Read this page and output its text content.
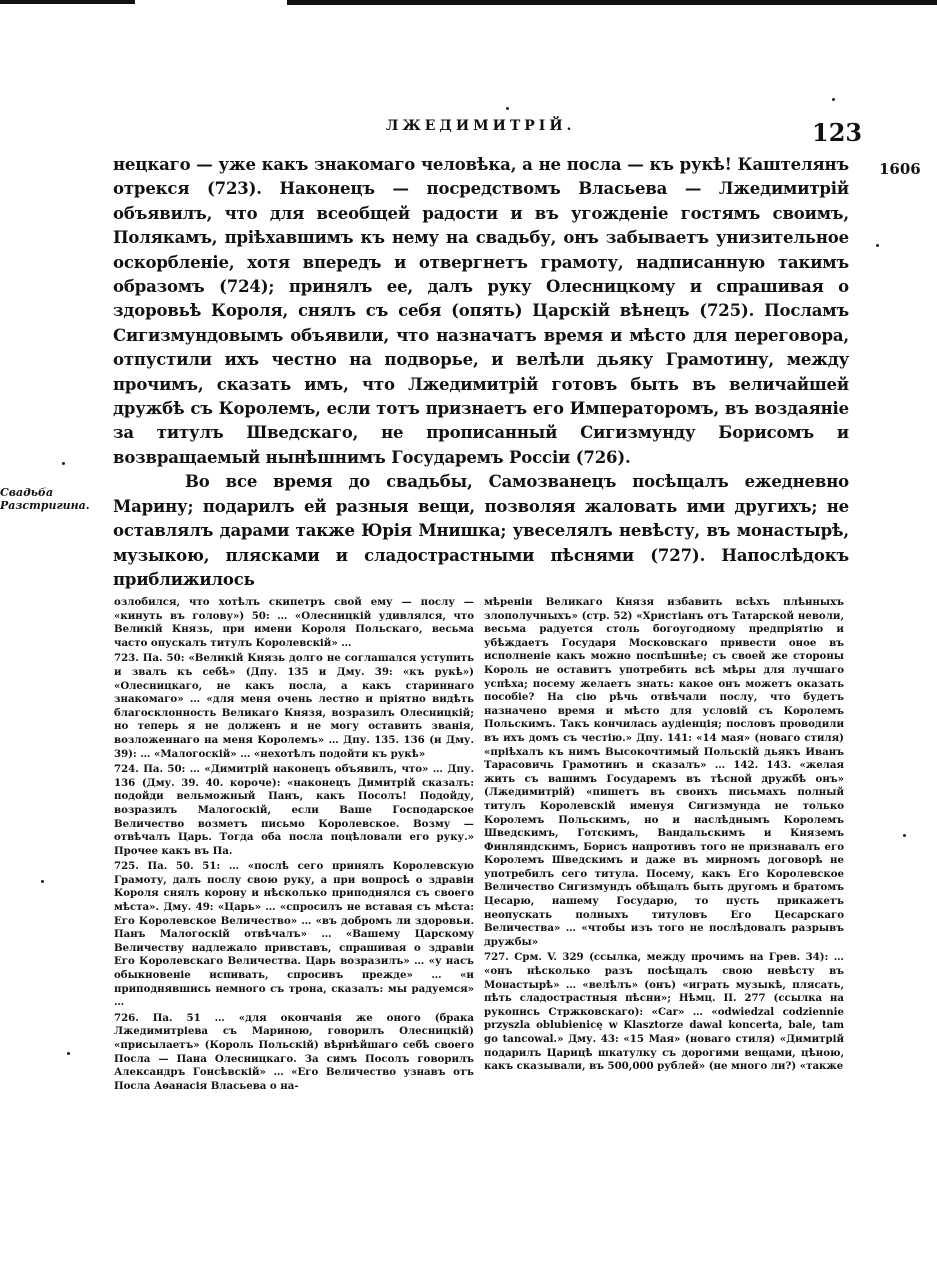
ЛЖЕДИМИТРІЙ.	123
1606
Свадьба Разстригина.

нецкаго — уже какъ знакомаго человѣка, а не посла — къ рукѣ! Каштелянъ отрекся (723). Наконецъ — посредствомъ Власьева — Лжедимитрій объявилъ, что для всеобщей радости и въ угожденіе гостямъ своимъ, Полякамъ, пріѣхавшимъ къ нему на свадьбу, онъ забываетъ унизительное оскорбленіе, хотя впередъ и отвергнетъ грамоту, надписанную такимъ образомъ (724); принялъ ее, далъ руку Олесницкому и спрашивая о здоровьѣ Короля, снялъ съ себя (опять) Царскій вѣнецъ (725). Посламъ Сигизмундовымъ объявили, что назначатъ время и мѣсто для переговора, отпустили ихъ честно на подворье, и велѣли дьяку Грамотину, между прочимъ, сказать имъ, что Лжедимитрій готовъ быть въ величайшей дружбѣ съ Королемъ, если тотъ признаетъ его Императоромъ, въ воздаяніе за титулъ Шведскаго, не прописанный Сигизмунду Борисомъ и возвращаемый нынѣшнимъ Государемъ Россіи (726).

Во все время до свадьбы, Самозванецъ посѣщалъ ежедневно Марину; подарилъ ей разныя вещи, позволяя жаловать ими другихъ; не оставлялъ дарами также Юрія Мнишка; увеселялъ невѣсту, въ монастырѣ, музыкою, плясками и сладострастными пѣснями (727). Напослѣдокъ приближилось

озлобился, что хотѣлъ скипетръ свой ему — послу — «кинуть въ голову») 50: … «Олесницкій удивлялся, что Великій Князь, при имени Короля Польскаго, весьма часто опускалъ титулъ Королевскій» …

723. Па. 50: «Великій Князь долго не соглашался уступить и звалъ къ себѣ» (Дпу. 135 и Дму. 39: «къ рукѣ») «Олесницкаго, не какъ посла, а какъ стариннаго знакомаго» … «для меня очень лестно и пріятно видѣть благосклонность Великаго Князя, возразилъ Олесницкій; но теперь я не долженъ и не могу оставить званія, возложеннаго на меня Королемъ» … Дпу. 135. 136 (и Дму. 39): … «Малогоскій» … «нехотѣлъ подойти къ рукѣ»

724. Па. 50: … «Димитрій наконецъ объявилъ, что» … Дпу. 136 (Дму. 39. 40. короче): «наконецъ Димитрій сказалъ: подойди вельможный Панъ, какъ Посолъ! Подойду, возразилъ Малогоскій, если Ваше Господарское Величество возметъ письмо Королевское. Возму — отвѣчалъ Царь. Тогда оба посла поцѣловали его руку.» Прочее какъ въ Па.

725. Па. 50. 51: … «послѣ сего принялъ Королевскую Грамоту, далъ послу свою руку, а при вопросѣ о здравіи Короля снялъ корону и нѣсколько приподнялся съ своего мѣста». Дму. 49: «Царь» … «спросилъ не вставая съ мѣста: Его Королевское Величество» … «въ добромъ ли здоровьи. Панъ Малогоскій отвѣчалъ» … «Вашему Царскому Величеству надлежало привставъ, спрашивая о здравіи Его Королевскаго Величества. Царь возразилъ» … «у насъ обыкновеніе испивать, спросивъ прежде» … «и приподнявшись немного съ трона, сказалъ: мы радуемся» …

726. Па. 51 … «для окончанія же оного (брака Лжедимитріева съ Мариною, говорилъ Олесницкій) «присылаетъ» (Король Польскій) вѣрнѣйшаго себѣ своего Посла — Пана Олесницкаго. За симъ Посолъ говорилъ Александръ Гонсѣвскій» … «Его Величество узнавъ отъ Посла Аѳанасія Власьева о на-

мѣреніи Великаго Князя избавить всѣхъ плѣнныхъ злополучныхъ» (стр. 52) «Христіанъ отъ Татарской неволи, весьма радуется столь богоугодному предпріятію и убѣждаетъ Государя Московскаго привести оное въ исполненіе какъ можно поспѣшнѣе; съ своей же стороны Король не оставитъ употребить всѣ мѣры для лучшаго успѣха; посему желаетъ знать: какое онъ можетъ оказать пособіе? На сію рѣчь отвѣчали послу, что будетъ назначено время и мѣсто для условій съ Королемъ Польскимъ. Такъ кончилась аудіенція; пословъ проводили въ ихъ домъ съ честію.» Дпу. 141: «14 мая» (новаго стиля) «пріѣхалъ къ нимъ Высокочтимый Польскій дьякъ Иванъ Тарасовичь Грамотинъ и сказалъ» … 142. 143. «желая жить съ вашимъ Государемъ въ тѣсной дружбѣ онъ» (Лжедимитрій) «пишетъ въ своихъ письмахъ полный титулъ Королевскій именуя Сигизмунда не только Королемъ Польскимъ, но и наслѣднымъ Королемъ Шведскимъ, Готскимъ, Вандальскимъ и Княземъ Финляндскимъ, Борисъ напротивъ того не признавалъ его Королемъ Шведскимъ и даже въ мирномъ договорѣ не употребилъ сего титула. Посему, какъ Его Королевское Величество Сигизмундъ обѣщалъ быть другомъ и братомъ Цесарю, нашему Государю, то пусть прикажетъ неопускать полныхъ титуловъ Его Цесарскаго Величества» … «чтобы изъ того не послѣдовалъ разрывъ дружбы»

727. Срм. V. 329 (ссылка, между прочимъ на Грев. 34): … «онъ нѣсколько разъ посѣщалъ свою невѣсту въ Монастырѣ» … «велѣлъ» (онъ) «играть музыкѣ, плясать, пѣть сладострастныя пѣсни»; Нѣмц. II. 277 (ссылка на рукопись Стржковскаго): «Car» … «odwiedzal codziennie przyszla oblubienicę w Klasztorze dawal koncerta, bale, tam go tancowal.» Дму. 43: «15 Мая» (новаго стиля) «Димитрій подарилъ Царицѣ шкатулку съ дорогими вещами, цѣною, какъ сказывали, въ 500,000 рублей» (не много ли?) «также
